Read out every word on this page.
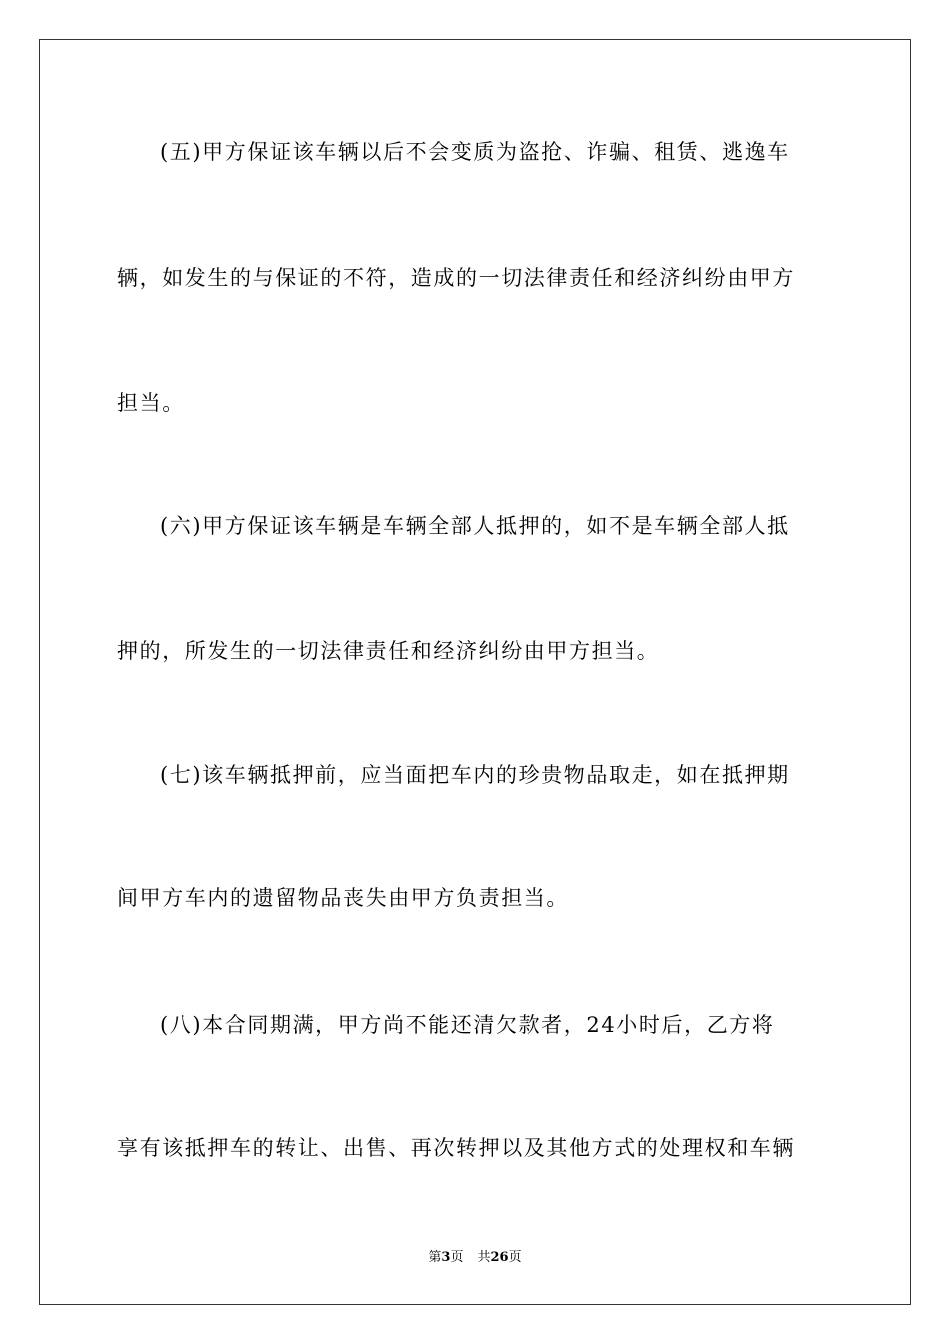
(五)甲方保证该车辆以后不会变质为盗抢、诈骗、租赁、逃逸车
辆，如发生的与保证的不符，造成的一切法律责任和经济纠纷由甲方
担当。
(六)甲方保证该车辆是车辆全部人抵押的，如不是车辆全部人抵
押的，所发生的一切法律责任和经济纠纷由甲方担当。
(七)该车辆抵押前，应当面把车内的珍贵物品取走，如在抵押期
间甲方车内的遗留物品丧失由甲方负责担当。
(八)本合同期满，甲方尚不能还清欠款者，24小时后，乙方将
享有该抵押车的转让、出售、再次转押以及其他方式的处理权和车辆
第3页 共26页
